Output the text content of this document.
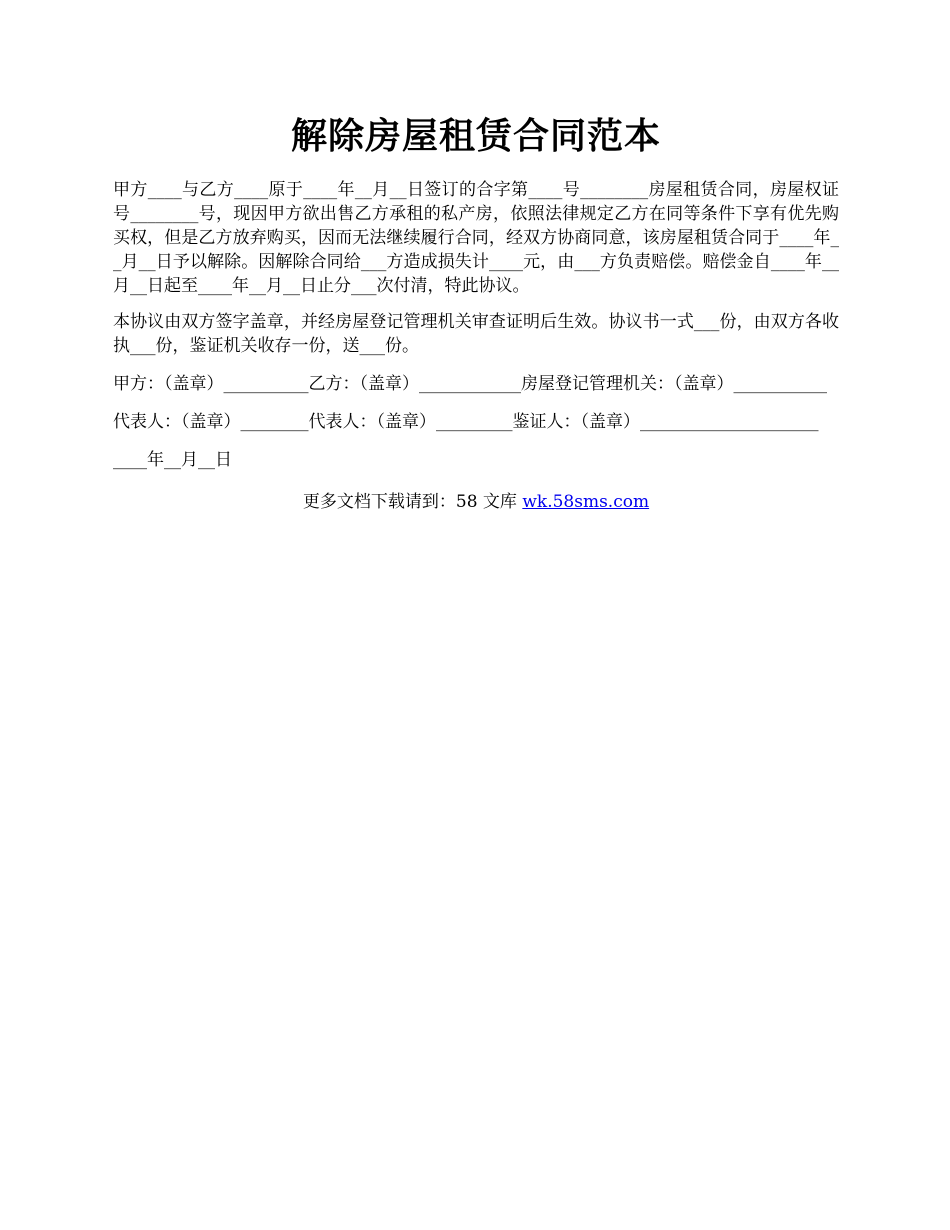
解除房屋租赁合同范本

甲方____与乙方____原于____年__月__日签订的合字第____号________房屋租赁合同，房屋权证号________号，现因甲方欲出售乙方承租的私产房，依照法律规定乙方在同等条件下享有优先购买权，但是乙方放弃购买，因而无法继续履行合同，经双方协商同意，该房屋租赁合同于____年__月__日予以解除。因解除合同给___方造成损失计____元，由___方负责赔偿。赔偿金自____年__月__日起至____年__月__日止分___次付清，特此协议。

本协议由双方签字盖章，并经房屋登记管理机关审查证明后生效。协议书一式___份，由双方各收执___份，鉴证机关收存一份，送___份。

甲方：（盖章）__________乙方：（盖章）____________房屋登记管理机关：（盖章）___________

代表人：（盖章）________代表人：（盖章）_________鉴证人：（盖章）_____________________

____年__月__日

更多文档下载请到：58 文库 wk.58sms.com
